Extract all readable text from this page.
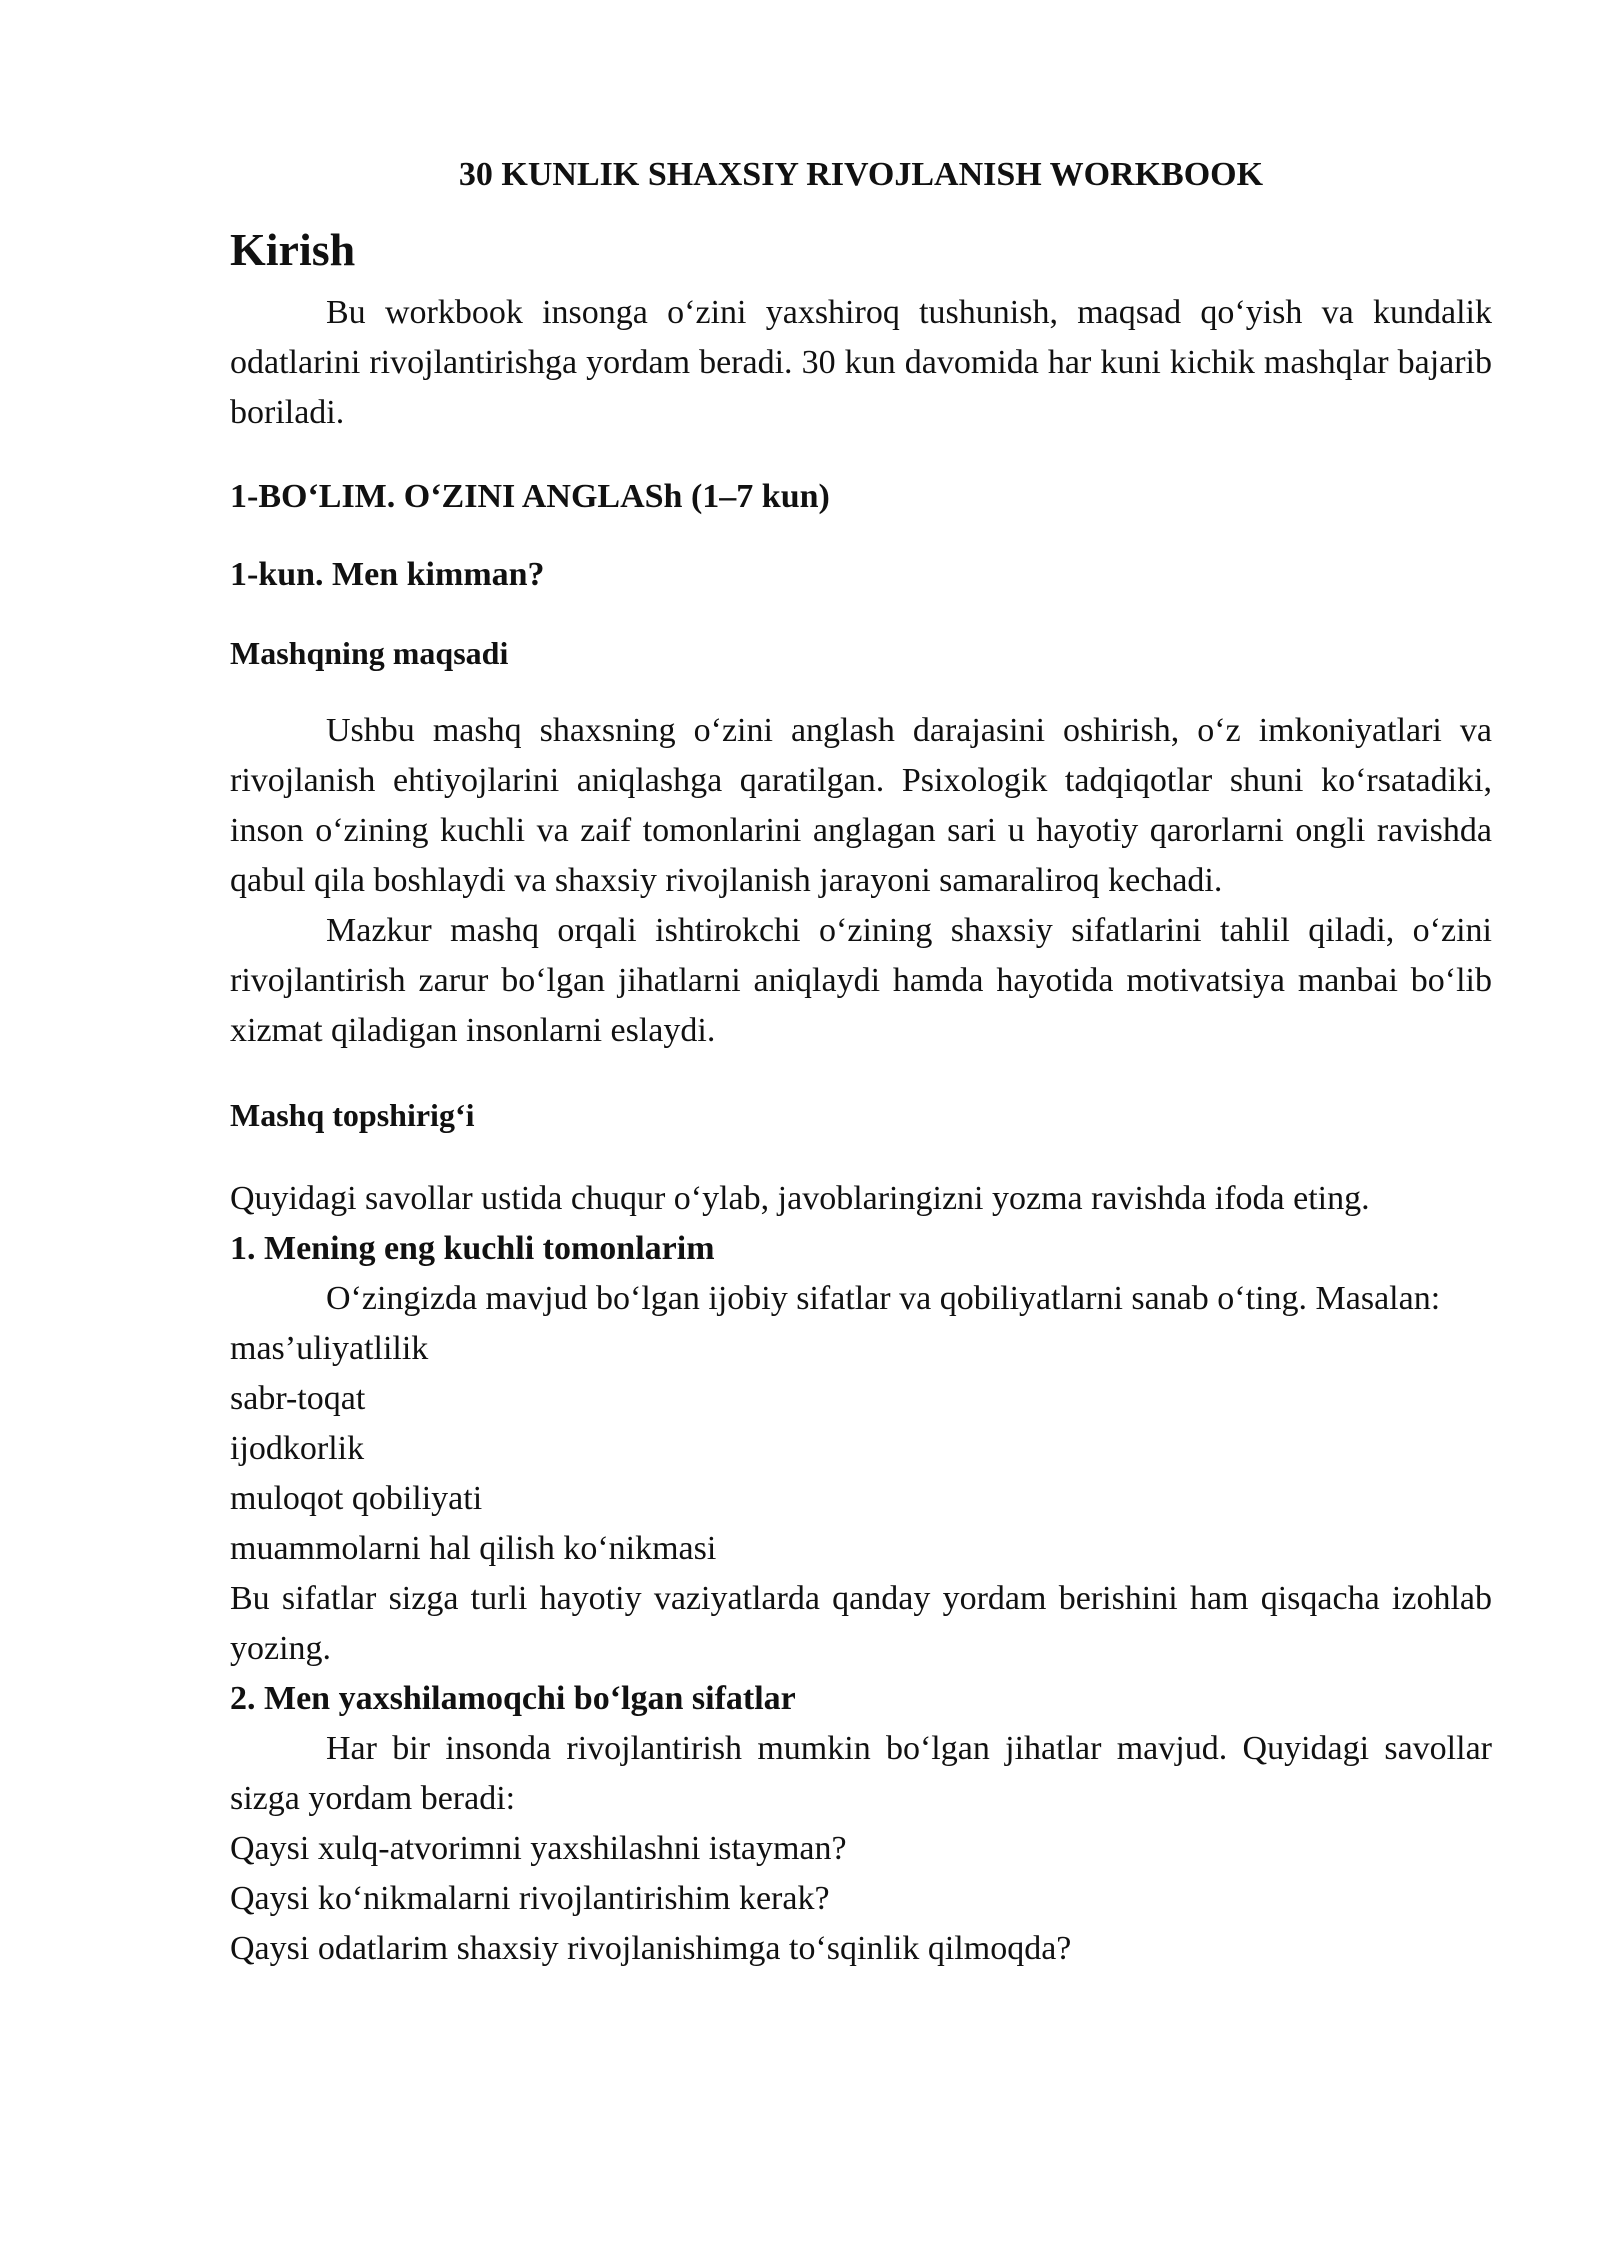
30 KUNLIK SHAXSIY RIVOJLANISH WORKBOOK
Kirish

Bu workbook insonga o‘zini yaxshiroq tushunish, maqsad qo‘yish va kundalik odatlarini rivojlantirishga yordam beradi. 30 kun davomida har kuni kichik mashqlar bajarib boriladi.

1-BO‘LIM. O‘ZINI ANGLASh (1–7 kun)
1-kun. Men kimman?
Mashqning maqsadi

Ushbu mashq shaxsning o‘zini anglash darajasini oshirish, o‘z imkoniyatlari va rivojlanish ehtiyojlarini aniqlashga qaratilgan. Psixologik tadqiqotlar shuni ko‘rsatadiki, inson o‘zining kuchli va zaif tomonlarini anglagan sari u hayotiy qarorlarni ongli ravishda qabul qila boshlaydi va shaxsiy rivojlanish jarayoni samaraliroq kechadi.

Mazkur mashq orqali ishtirokchi o‘zining shaxsiy sifatlarini tahlil qiladi, o‘zini rivojlantirish zarur bo‘lgan jihatlarni aniqlaydi hamda hayotida motivatsiya manbai bo‘lib xizmat qiladigan insonlarni eslaydi.

Mashq topshirig‘i

Quyidagi savollar ustida chuqur o‘ylab, javoblaringizni yozma ravishda ifoda eting.

1. Mening eng kuchli tomonlarim

O‘zingizda mavjud bo‘lgan ijobiy sifatlar va qobiliyatlarni sanab o‘ting. Masalan:

mas’uliyatlilik

sabr-toqat

ijodkorlik

muloqot qobiliyati

muammolarni hal qilish ko‘nikmasi

Bu sifatlar sizga turli hayotiy vaziyatlarda qanday yordam berishini ham qisqacha izohlab yozing.

2. Men yaxshilamoqchi bo‘lgan sifatlar

Har bir insonda rivojlantirish mumkin bo‘lgan jihatlar mavjud. Quyidagi savollar sizga yordam beradi:

Qaysi xulq-atvorimni yaxshilashni istayman?

Qaysi ko‘nikmalarni rivojlantirishim kerak?

Qaysi odatlarim shaxsiy rivojlanishimga to‘sqinlik qilmoqda?
